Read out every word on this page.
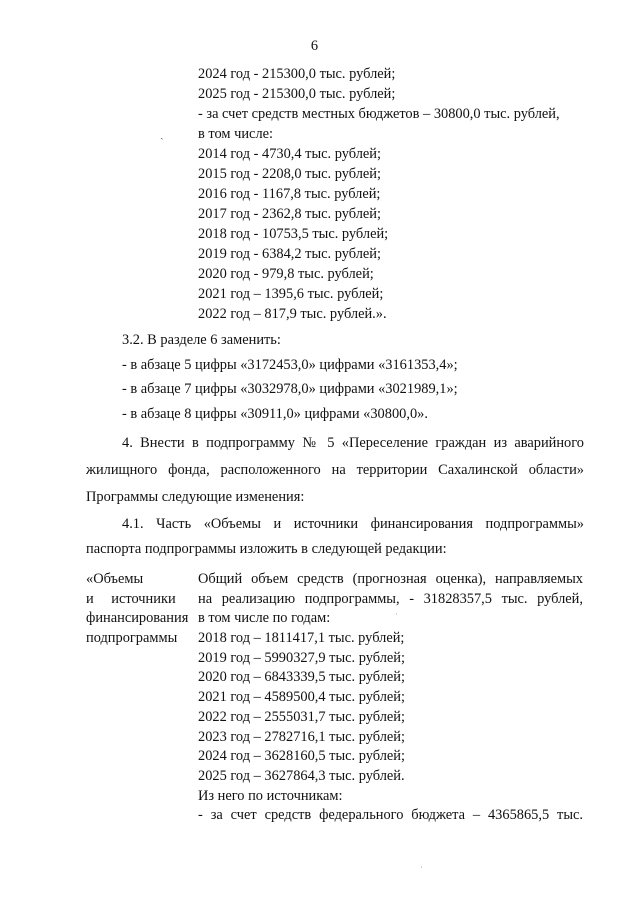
6
ˏ
2024 год - 215300,0 тыс. рублей;
2025 год - 215300,0 тыс. рублей;
- за счет средств местных бюджетов – 30800,0 тыс. рублей,
в том числе:
2014 год - 4730,4 тыс. рублей;
2015 год - 2208,0 тыс. рублей;
2016 год - 1167,8 тыс. рублей;
2017 год - 2362,8 тыс. рублей;
2018 год - 10753,5 тыс. рублей;
2019 год - 6384,2 тыс. рублей;
2020 год - 979,8 тыс. рублей;
2021 год – 1395,6 тыс. рублей;
2022 год – 817,9 тыс. рублей.».
3.2. В разделе 6 заменить:
- в абзаце 5 цифры «3172453,0» цифрами «3161353,4»;
- в абзаце 7 цифры «3032978,0» цифрами «3021989,1»;
- в абзаце 8 цифры «30911,0» цифрами «30800,0».
4. Внести в подпрограмму № 5 «Переселение граждан из аварийного
жилищного фонда, расположенного на территории Сахалинской области»
Программы следующие изменения:
4.1. Часть «Объемы и источники финансирования подпрограммы»
паспорта подпрограммы изложить в следующей редакции:
«Объемы
и источники
финансирования
подпрограммы
Общий объем средств (прогнозная оценка), направляемых
на реализацию подпрограммы, - 31828357,5 тыс. рублей,
в том числе по годам:
2018 год – 1811417,1 тыс. рублей;
2019 год – 5990327,9 тыс. рублей;
2020 год – 6843339,5 тыс. рублей;
2021 год – 4589500,4 тыс. рублей;
2022 год – 2555031,7 тыс. рублей;
2023 год – 2782716,1 тыс. рублей;
2024 год – 3628160,5 тыс. рублей;
2025 год – 3627864,3 тыс. рублей.
Из него по источникам:
- за счет средств федерального бюджета – 4365865,5 тыс.
·
·
